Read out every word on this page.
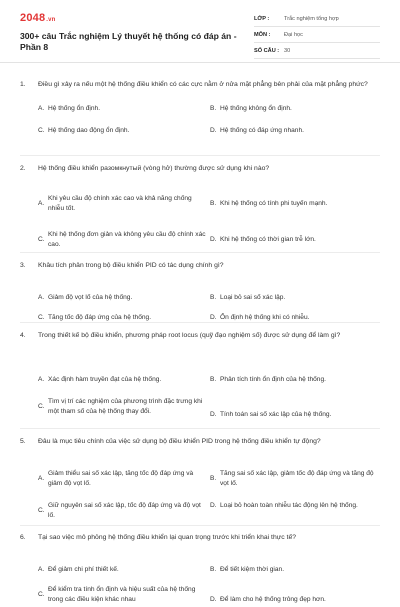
2048.vn
300+ câu Trắc nghiệm Lý thuyết hệ thống có đáp án - Phần 8
LỚP :	Trắc nghiệm tổng hợp
MÔN :	Đại học
SỐ CÂU : 30
1.	Điều gì xảy ra nếu một hệ thống điều khiển có các cực nằm ở nửa mặt phẳng bên phải của mặt phẳng phức?
A. Hệ thống ổn định.	B. Hệ thống không ổn định.
C. Hệ thống dao động ổn định.	D. Hệ thống có đáp ứng nhanh.
2.	Hệ thống điều khiển разомкнутый (vòng hở) thường được sử dụng khi nào?
A.
Khi yêu cầu độ chính xác cao và khả năng chống nhiễu tốt.
B. Khi hệ thống có tính phi tuyến mạnh.
C.
Khi hệ thống đơn giản và không yêu cầu độ chính xác cao.
D. Khi hệ thống có thời gian trễ lớn.
3.	Khâu tích phân trong bộ điều khiển PID có tác dụng chính gì?
A. Giảm độ vọt lố của hệ thống.	B. Loại bỏ sai số xác lập.
C. Tăng tốc độ đáp ứng của hệ thống.	D. Ổn định hệ thống khi có nhiễu.
4.	Trong thiết kế bộ điều khiển, phương pháp root locus (quỹ đạo nghiệm số) được sử dụng để làm gì?
A. Xác định hàm truyền đạt của hệ thống.	B. Phân tích tính ổn định của hệ thống.
C.
Tìm vị trí các nghiệm của phương trình đặc trưng khi một tham số của hệ thống thay đổi.	D. Tính toán sai số xác lập của hệ thống.
5.	Đâu là mục tiêu chính của việc sử dụng bộ điều khiển PID trong hệ thống điều khiển tự động?
A.
Giảm thiểu sai số xác lập, tăng tốc độ đáp ứng và giảm độ vọt lố.
B.
Tăng sai số xác lập, giảm tốc độ đáp ứng và tăng độ vọt lố.
C.
Giữ nguyên sai số xác lập, tốc độ đáp ứng và độ vọt lố.
D. Loại bỏ hoàn toàn nhiễu tác động lên hệ thống.
6.	Tại sao việc mô phỏng hệ thống điều khiển lại quan trọng trước khi triển khai thực tế?
A. Để giảm chi phí thiết kế.	B. Để tiết kiệm thời gian.
C.
Để kiểm tra tính ổn định và hiệu suất của hệ thống trong các điều kiện khác nhau	D. Để làm cho hệ thống trông đẹp hơn.
